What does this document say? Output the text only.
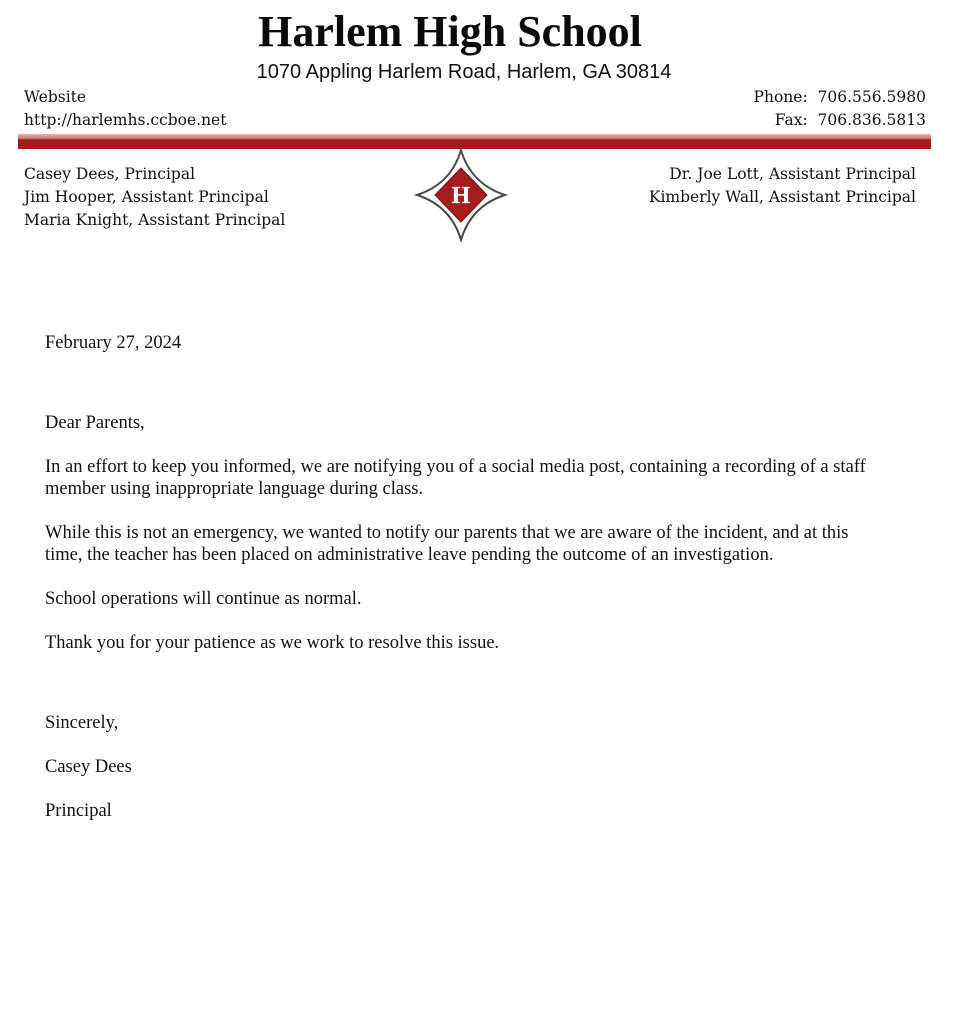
Harlem High School
1070 Appling Harlem Road, Harlem, GA 30814
Website
http://harlemhs.ccboe.net
Phone:  706.556.5980
Fax:  706.836.5813
Casey Dees, Principal
Jim Hooper, Assistant Principal
Maria Knight, Assistant Principal
Dr. Joe Lott, Assistant Principal
Kimberly Wall, Assistant Principal
H

February 27, 2024

Dear Parents,

In an effort to keep you informed, we are notifying you of a social media post, containing a recording of a staff member using inappropriate language during class.

While this is not an emergency, we wanted to notify our parents that we are aware of the incident, and at this time, the teacher has been placed on administrative leave pending the outcome of an investigation.

School operations will continue as normal.

Thank you for your patience as we work to resolve this issue.

Sincerely,

Casey Dees

Principal
